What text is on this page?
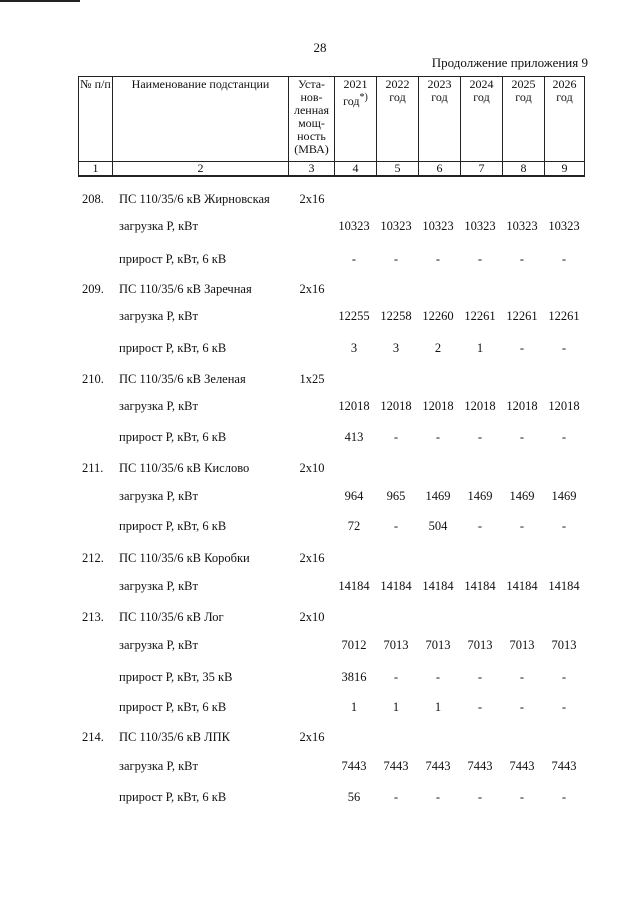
28
Продолжение приложения 9
№ п/п	Наименование подстанции	Уста-нов-ленная мощ-ность (МВА)	2021 год*)	2022 год	2023 год	2024 год	2025 год	2026 год
1	2	3	4	5	6	7	8	9

208.	ПС 110/35/6 кВ Жирновская	2х16
загрузка Р, кВт	10323 10323 10323 10323 10323 10323
прирост Р, кВт, 6 кВ	-	-	-	-	-	-
209.	ПС 110/35/6 кВ Заречная	2х16
загрузка Р, кВт	12255 12258 12260 12261 12261 12261
прирост Р, кВт, 6 кВ	3	3	2	1	-	-
210.	ПС 110/35/6 кВ Зеленая	1х25
загрузка Р, кВт	12018 12018 12018 12018 12018 12018
прирост Р, кВт, 6 кВ	413	-	-	-	-	-
211.	ПС 110/35/6 кВ Кислово	2х10
загрузка Р, кВт	964	965	1469	1469	1469	1469
прирост Р, кВт, 6 кВ	72	-	504	-	-	-
212.	ПС 110/35/6 кВ Коробки	2х16
загрузка Р, кВт	14184 14184 14184 14184 14184 14184
213.	ПС 110/35/6 кВ Лог	2х10
загрузка Р, кВт	7012	7013	7013	7013	7013	7013
прирост Р, кВт, 35 кВ	3816	-	-	-	-	-
прирост Р, кВт, 6 кВ	1	1	1	-	-	-
214.	ПС 110/35/6 кВ ЛПК	2х16
загрузка Р, кВт	7443	7443	7443	7443	7443	7443
прирост Р, кВт, 6 кВ	56	-	-	-	-	-
